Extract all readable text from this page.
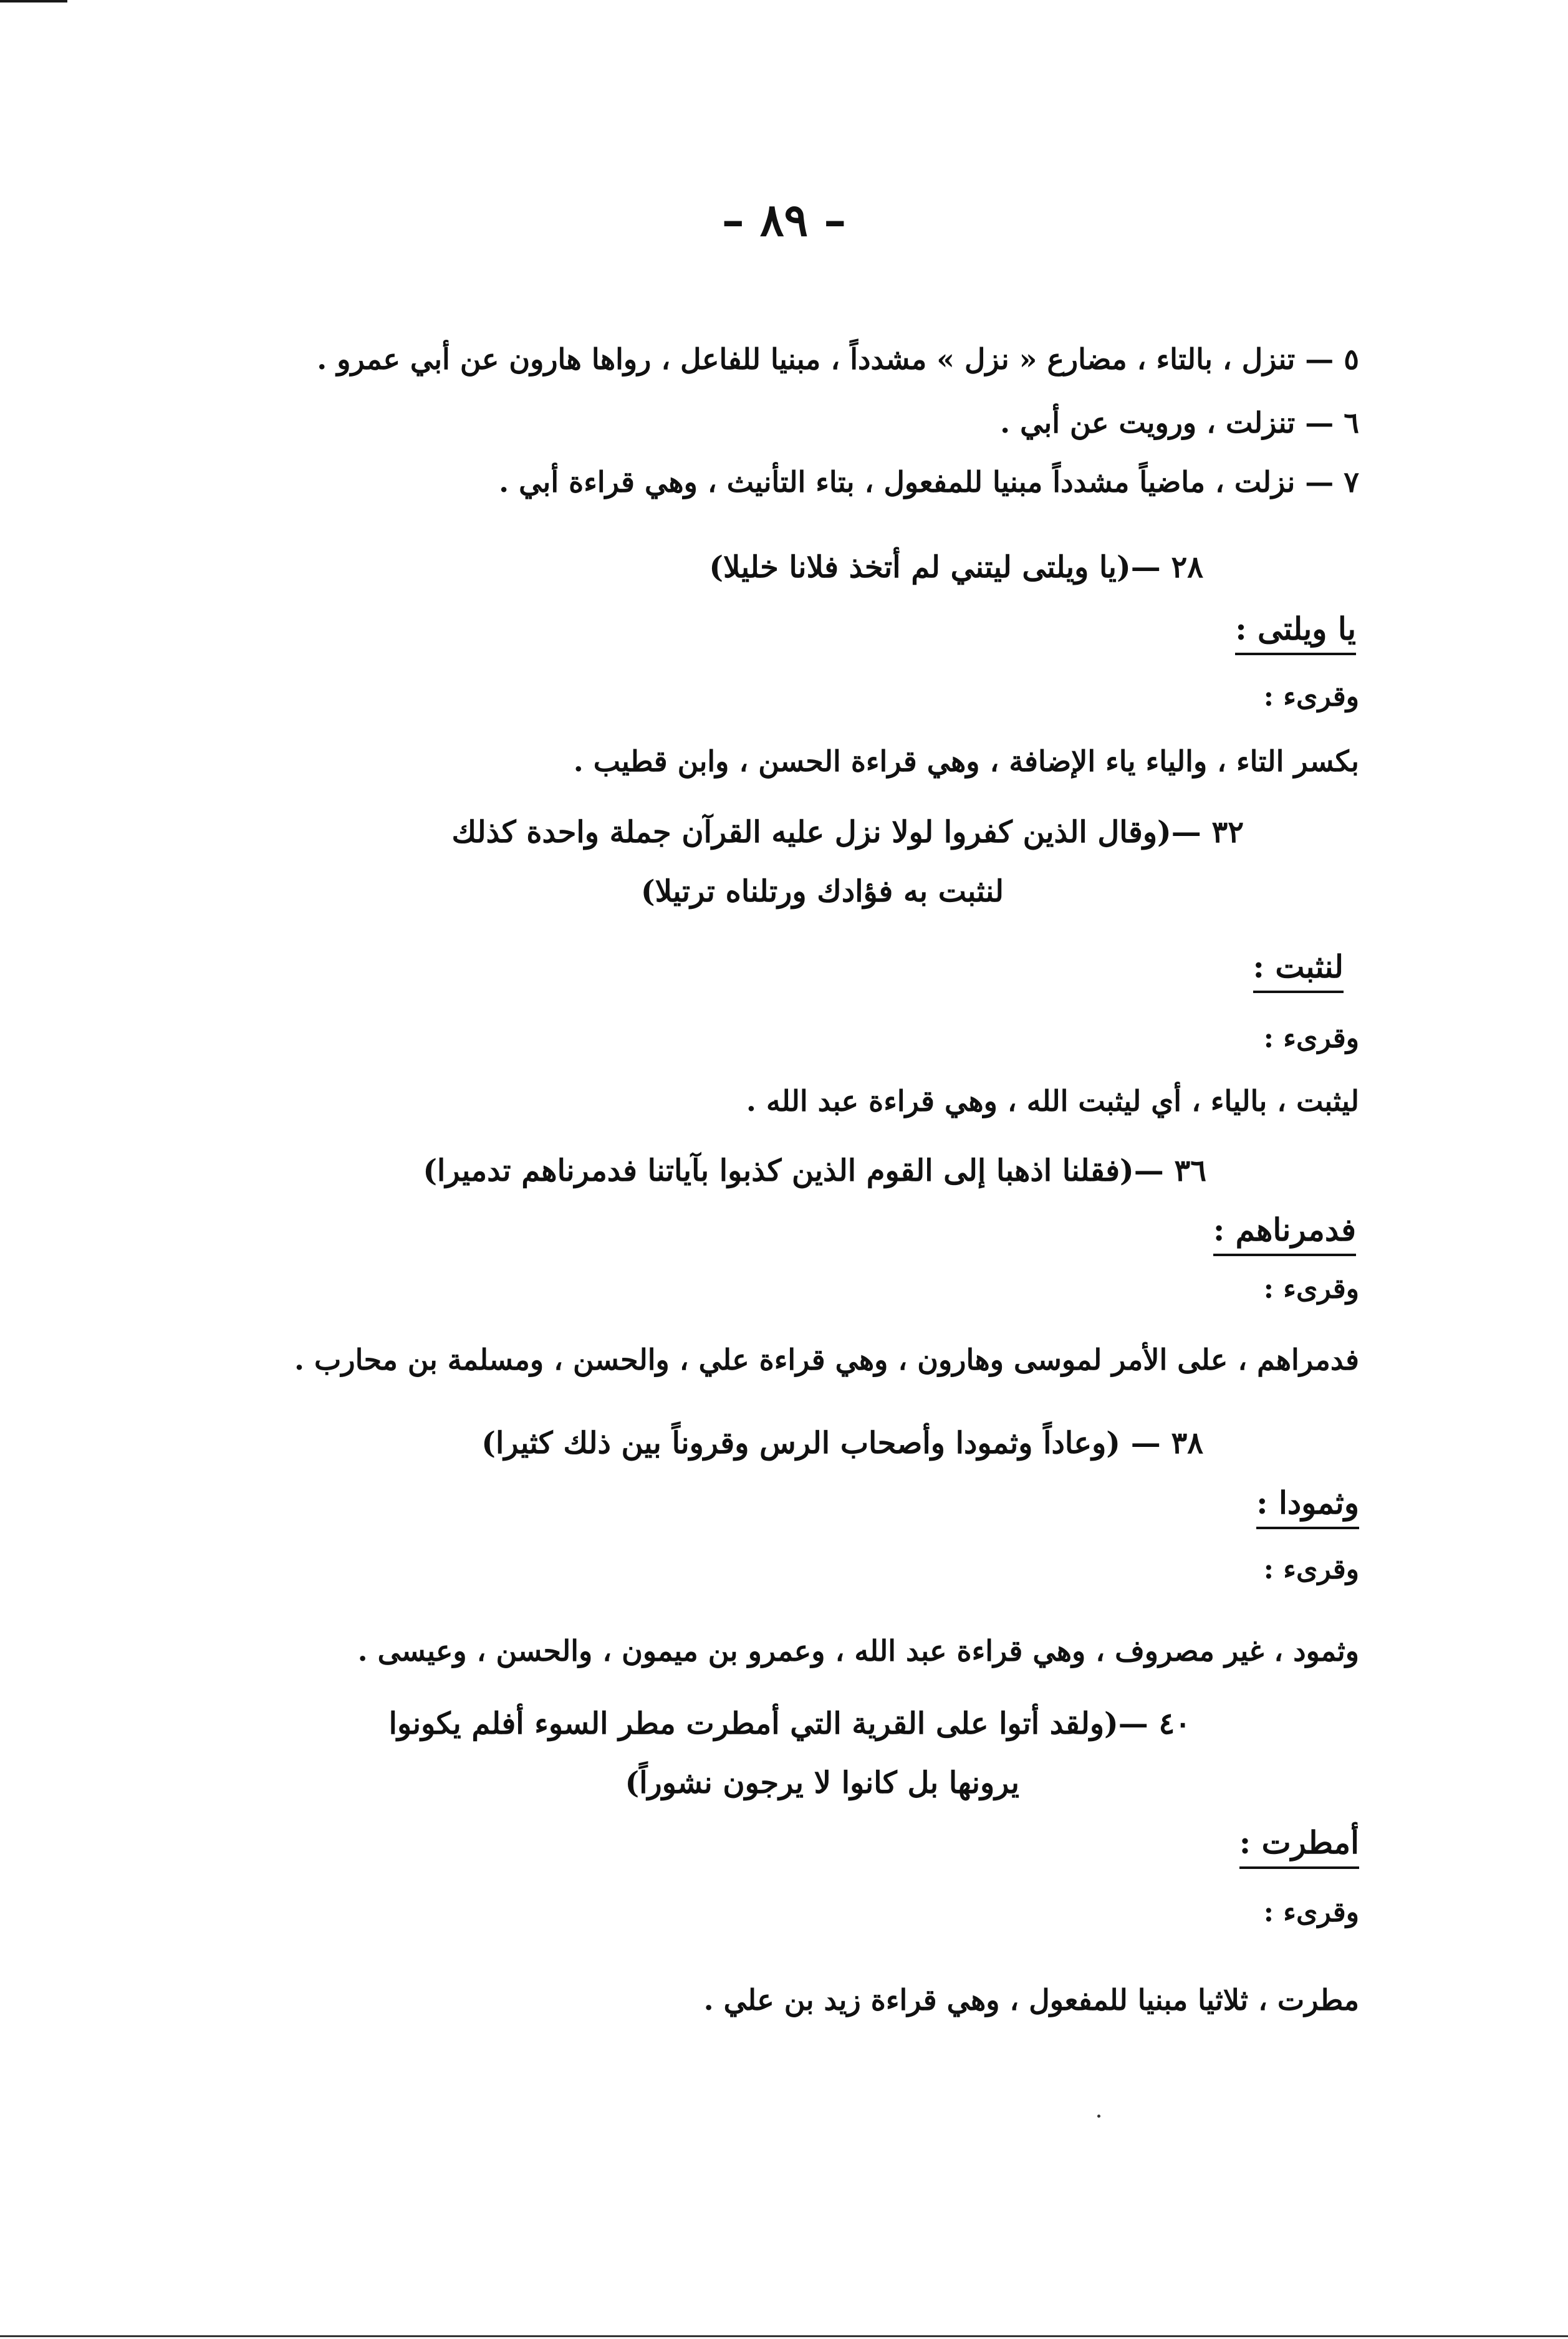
– ٨٩ –
٥ — تنزل ، بالتاء ، مضارع « نزل » مشدداً ، مبنيا للفاعل ، رواها هارون عن أبي عمرو .
٦ — تنزلت ، ورويت عن أبي .
٧ — نزلت ، ماضياً مشدداً مبنيا للمفعول ، بتاء التأنيث ، وهي قراءة أبي .
٢٨ —(يا ويلتى ليتني لم أتخذ فلانا خليلا)
يا ويلتى :
وقرىء :
بكسر التاء ، والياء ياء الإضافة ، وهي قراءة الحسن ، وابن قطيب .
٣٢ —(وقال الذين كفروا لولا نزل عليه القرآن جملة واحدة كذلك
لنثبت به فؤادك ورتلناه ترتيلا)
لنثبت :
وقرىء :
ليثبت ، بالياء ، أي ليثبت الله ، وهي قراءة عبد الله .
٣٦ —(فقلنا اذهبا إلى القوم الذين كذبوا بآياتنا فدمرناهم تدميرا)
فدمرناهم :
وقرىء :
فدمراهم ، على الأمر لموسى وهارون ، وهي قراءة علي ، والحسن ، ومسلمة بن محارب .
٣٨ — (وعاداً وثمودا وأصحاب الرس وقروناً بين ذلك كثيرا)
وثمودا :
وقرىء :
وثمود ، غير مصروف ، وهي قراءة عبد الله ، وعمرو بن ميمون ، والحسن ، وعيسى .
٤٠ —(ولقد أتوا على القرية التي أمطرت مطر السوء أفلم يكونوا
يرونها بل كانوا لا يرجون نشوراً)
أمطرت :
وقرىء :
مطرت ، ثلاثيا مبنيا للمفعول ، وهي قراءة زيد بن علي .
